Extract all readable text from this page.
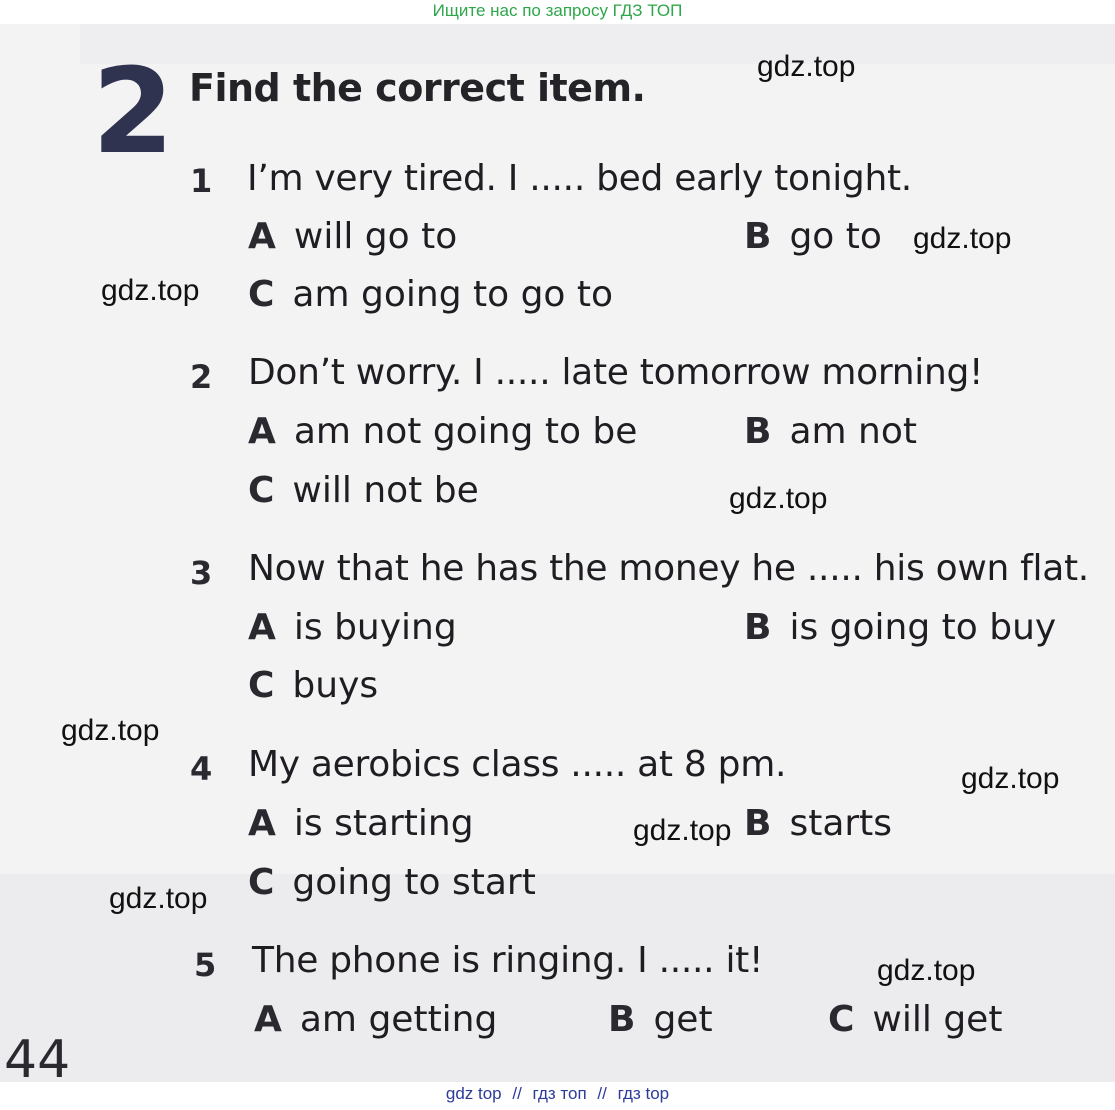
Ищите нас по запросу ГДЗ ТОП
2 Find the correct item.
1 I’m very tired. I ..... bed early tonight.
A will go to	B go to
C am going to go to
2 Don’t worry. I ..... late tomorrow morning!
A am not going to be	B am not
C will not be
3 Now that he has the money he ..... his own flat.
A is buying	B is going to buy
C buys
4 My aerobics class ..... at 8 pm.
A is starting	B starts
C going to start
5 The phone is ringing. I ..... it!
A am getting	B get	C will get
44
gdz.top
gdz.top
gdz.top
gdz.top
gdz.top
gdz.top
gdz.top
gdz.top
gdz.top
gdz top // гдз топ // гдз top
